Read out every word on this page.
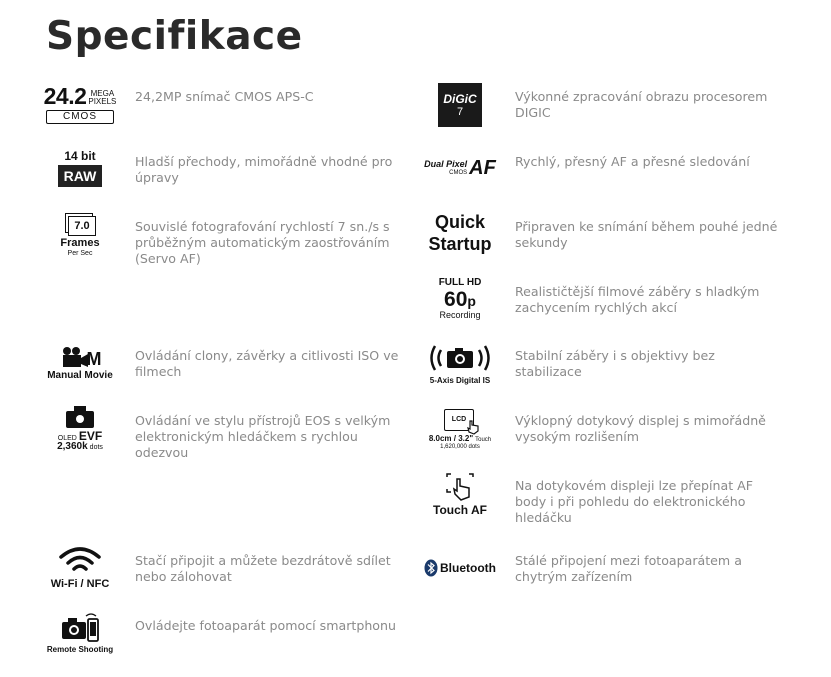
Specifikace
24.2 MEGA
PIXELS
CMOS
24,2MP snímač CMOS APS-C
14 bit
RAW
Hladší přechody, mimořádně vhodné pro úpravy
7.0
Frames
Per Sec
Souvislé fotografování rychlostí 7 sn./s s průběžným automatickým zaostřováním (Servo AF)
M
Manual Movie
Ovládání clony, závěrky a citlivosti ISO ve filmech
OLED EVF
2,360k dots
Ovládání ve stylu přístrojů EOS s velkým elektronickým hledáčkem s rychlou odezvou
Wi-Fi / NFC
Stačí připojit a můžete bezdrátově sdílet nebo zálohovat
Remote Shooting
Ovládejte fotoaparát pomocí smartphonu
DiGiC
7
Výkonné zpracování obrazu procesorem DIGIC
Dual Pixel
CMOS AF Rychlý, přesný AF a přesné sledování
Quick
Startup
Připraven ke snímání během pouhé jedné sekundy
FULL HD
60 p
Recording
Realističtější filmové záběry s hladkým zachycením rychlých akcí
5-Axis Digital IS
Stabilní záběry i s objektivy bez stabilizace
LCD
8.0cm / 3.2" Touch
1,620,000 dots
Výklopný dotykový displej s mimořádně vysokým rozlišením
Touch AF
Na dotykovém displeji lze přepínat AF body i při pohledu do elektronického hledáčku
Bluetooth Stálé připojení mezi fotoaparátem a chytrým zařízením
